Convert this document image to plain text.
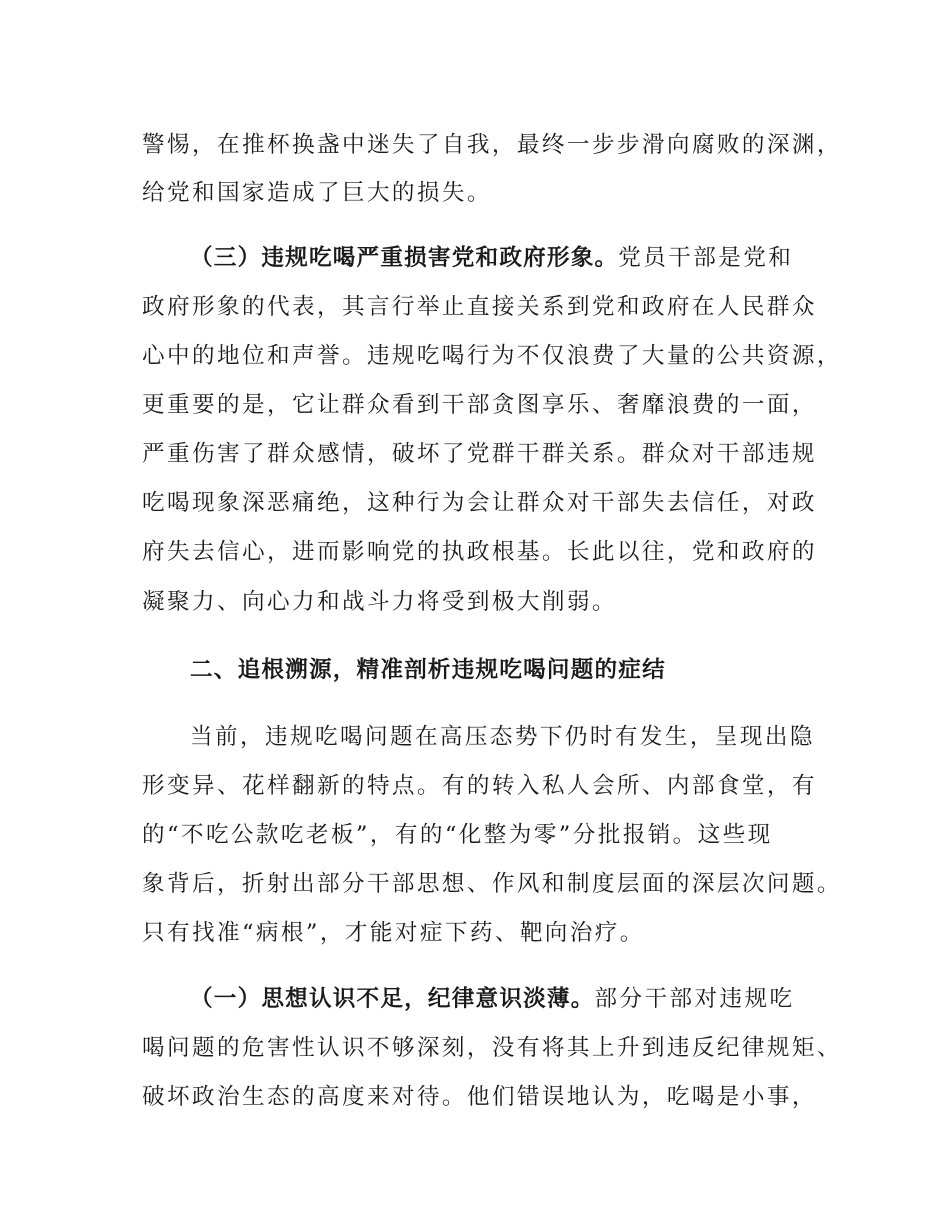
警惕，在推杯换盏中迷失了自我，最终一步步滑向腐败的深渊，
给党和国家造成了巨大的损失。
（三）违规吃喝严重损害党和政府形象。党员干部是党和
政府形象的代表，其言行举止直接关系到党和政府在人民群众
心中的地位和声誉。违规吃喝行为不仅浪费了大量的公共资源，
更重要的是，它让群众看到干部贪图享乐、奢靡浪费的一面，
严重伤害了群众感情，破坏了党群干群关系。群众对干部违规
吃喝现象深恶痛绝，这种行为会让群众对干部失去信任，对政
府失去信心，进而影响党的执政根基。长此以往，党和政府的
凝聚力、向心力和战斗力将受到极大削弱。
二、追根溯源，精准剖析违规吃喝问题的症结
当前，违规吃喝问题在高压态势下仍时有发生，呈现出隐
形变异、花样翻新的特点。有的转入私人会所、内部食堂，有
的“不吃公款吃老板”，有的“化整为零”分批报销。这些现
象背后，折射出部分干部思想、作风和制度层面的深层次问题。
只有找准“病根”，才能对症下药、靶向治疗。
（一）思想认识不足，纪律意识淡薄。部分干部对违规吃
喝问题的危害性认识不够深刻，没有将其上升到违反纪律规矩、
破坏政治生态的高度来对待。他们错误地认为，吃喝是小事，
